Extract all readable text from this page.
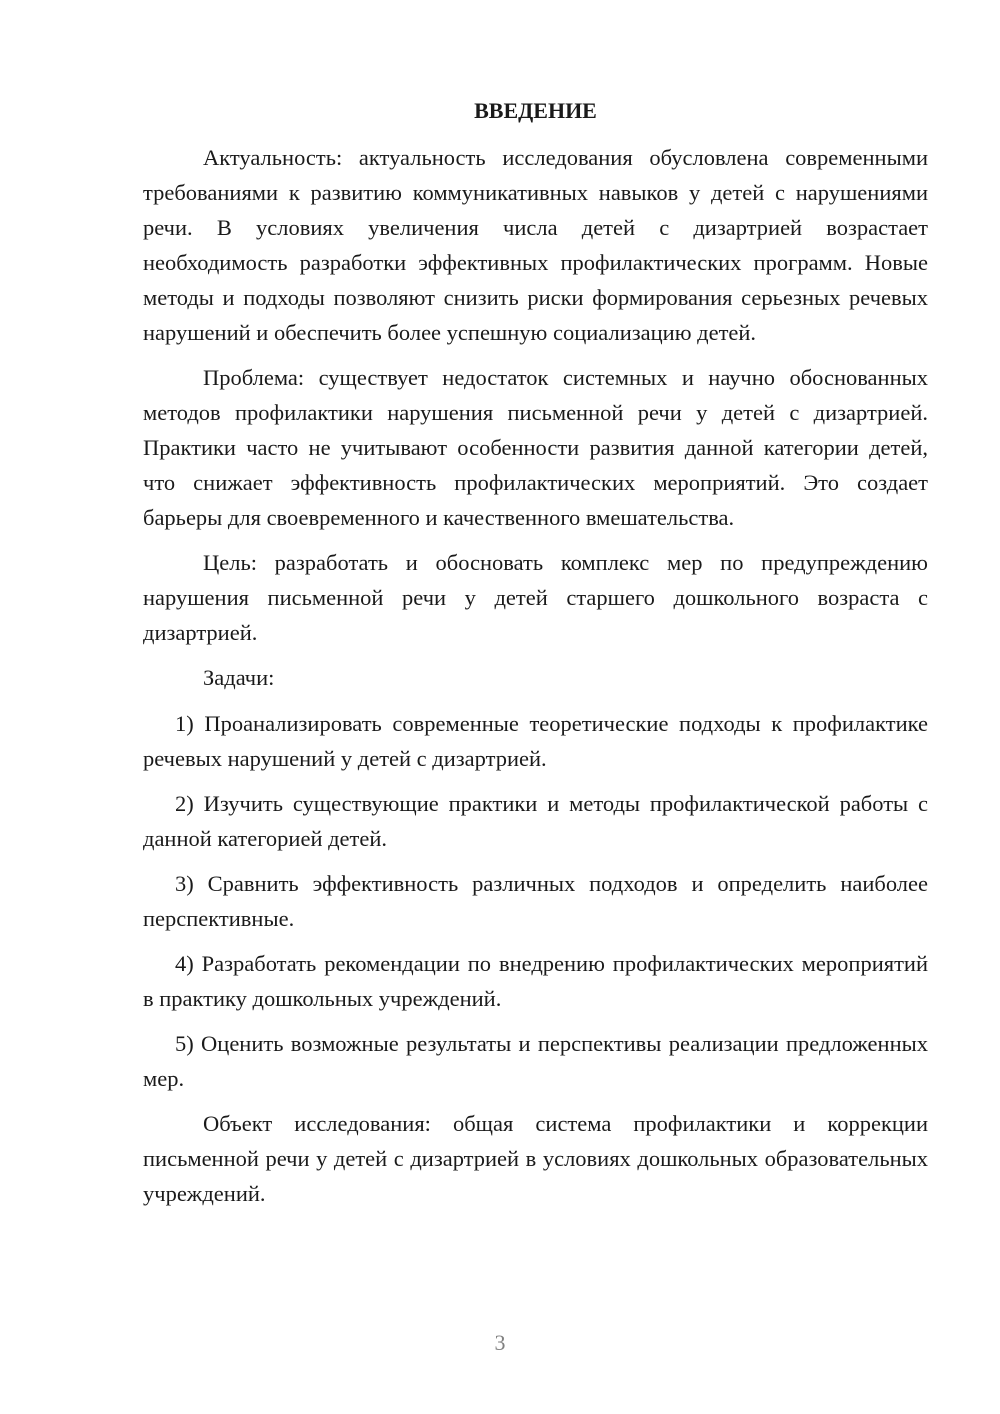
ВВЕДЕНИЕ

Актуальность: актуальность исследования обусловлена современными требованиями к развитию коммуникативных навыков у детей с нарушениями речи. В условиях увеличения числа детей с дизартрией возрастает необходимость разработки эффективных профилактических программ. Новые методы и подходы позволяют снизить риски формирования серьезных речевых нарушений и обеспечить более успешную социализацию детей.

Проблема: существует недостаток системных и научно обоснованных методов профилактики нарушения письменной речи у детей с дизартрией. Практики часто не учитывают особенности развития данной категории детей, что снижает эффективность профилактических мероприятий. Это создает барьеры для своевременного и качественного вмешательства.

Цель: разработать и обосновать комплекс мер по предупреждению нарушения письменной речи у детей старшего дошкольного возраста с дизартрией.

Задачи:

1) Проанализировать современные теоретические подходы к профилактике речевых нарушений у детей с дизартрией.

2) Изучить существующие практики и методы профилактической работы с данной категорией детей.

3) Сравнить эффективность различных подходов и определить наиболее перспективные.

4) Разработать рекомендации по внедрению профилактических мероприятий в практику дошкольных учреждений.

5) Оценить возможные результаты и перспективы реализации предложенных мер.

Объект исследования: общая система профилактики и коррекции письменной речи у детей с дизартрией в условиях дошкольных образовательных учреждений.

3
